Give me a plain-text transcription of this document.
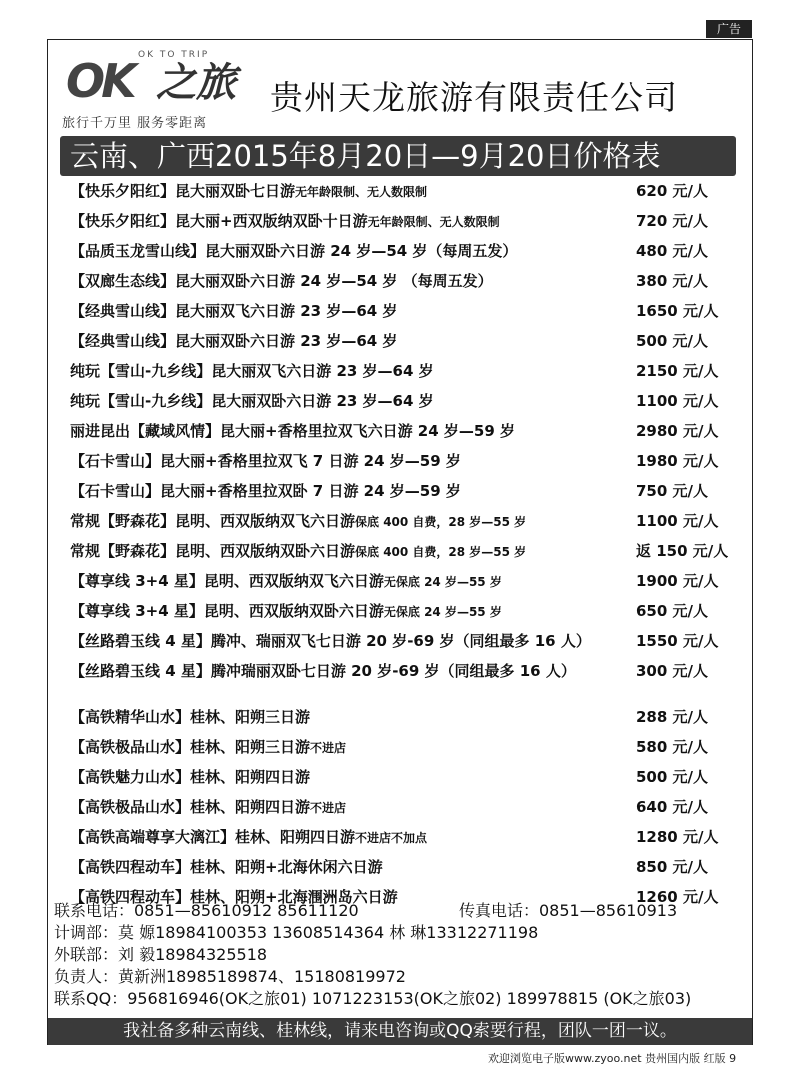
广告
OK TO TRIP
OK 之旅
旅行千万里 服务零距离
贵州天龙旅游有限责任公司
云南、广西2015年8月20日—9月20日价格表
【快乐夕阳红】昆大丽双卧七日游无年龄限制、无人数限制	620 元/人
【快乐夕阳红】昆大丽+西双版纳双卧十日游无年龄限制、无人数限制	720 元/人
【品质玉龙雪山线】昆大丽双卧六日游 24 岁—54 岁（每周五发）	480 元/人
【双廊生态线】昆大丽双卧六日游 24 岁—54 岁 （每周五发）	380 元/人
【经典雪山线】昆大丽双飞六日游 23 岁—64 岁	1650 元/人
【经典雪山线】昆大丽双卧六日游 23 岁—64 岁	500 元/人
纯玩【雪山-九乡线】昆大丽双飞六日游 23 岁—64 岁	2150 元/人
纯玩【雪山-九乡线】昆大丽双卧六日游 23 岁—64 岁	1100 元/人
丽进昆出【藏域风情】昆大丽+香格里拉双飞六日游 24 岁—59 岁	2980 元/人
【石卡雪山】昆大丽+香格里拉双飞 7 日游 24 岁—59 岁	1980 元/人
【石卡雪山】昆大丽+香格里拉双卧 7 日游 24 岁—59 岁	750 元/人
常规【野森花】昆明、西双版纳双飞六日游保底 400 自费，28 岁—55 岁	1100 元/人
常规【野森花】昆明、西双版纳双卧六日游保底 400 自费，28 岁—55 岁	返 150 元/人
【尊享线 3+4 星】昆明、西双版纳双飞六日游无保底 24 岁—55 岁	1900 元/人
【尊享线 3+4 星】昆明、西双版纳双卧六日游无保底 24 岁—55 岁	650 元/人
【丝路碧玉线 4 星】腾冲、瑞丽双飞七日游 20 岁-69 岁（同组最多 16 人）	1550 元/人
【丝路碧玉线 4 星】腾冲瑞丽双卧七日游 20 岁-69 岁（同组最多 16 人）	300 元/人
【高铁精华山水】桂林、阳朔三日游	288 元/人
【高铁极品山水】桂林、阳朔三日游不进店	580 元/人
【高铁魅力山水】桂林、阳朔四日游	500 元/人
【高铁极品山水】桂林、阳朔四日游不进店	640 元/人
【高铁高端尊享大漓江】桂林、阳朔四日游不进店不加点	1280 元/人
【高铁四程动车】桂林、阳朔+北海休闲六日游	850 元/人
【高铁四程动车】桂林、阳朔+北海涠洲岛六日游	1260 元/人
联系电话：0851—85610912 85611120	传真电话：0851—85610913
计调部：莫 嫄18984100353 13608514364 林 琳13312271198
外联部：刘 毅18984325518
负责人：黄新洲18985189874、15180819972
联系QQ：956816946(OK之旅01) 1071223153(OK之旅02) 189978815 (OK之旅03)
我社备多种云南线、桂林线，请来电咨询或QQ索要行程，团队一团一议。
欢迎浏览电子版www.zyoo.net 贵州国内版 红版 9
